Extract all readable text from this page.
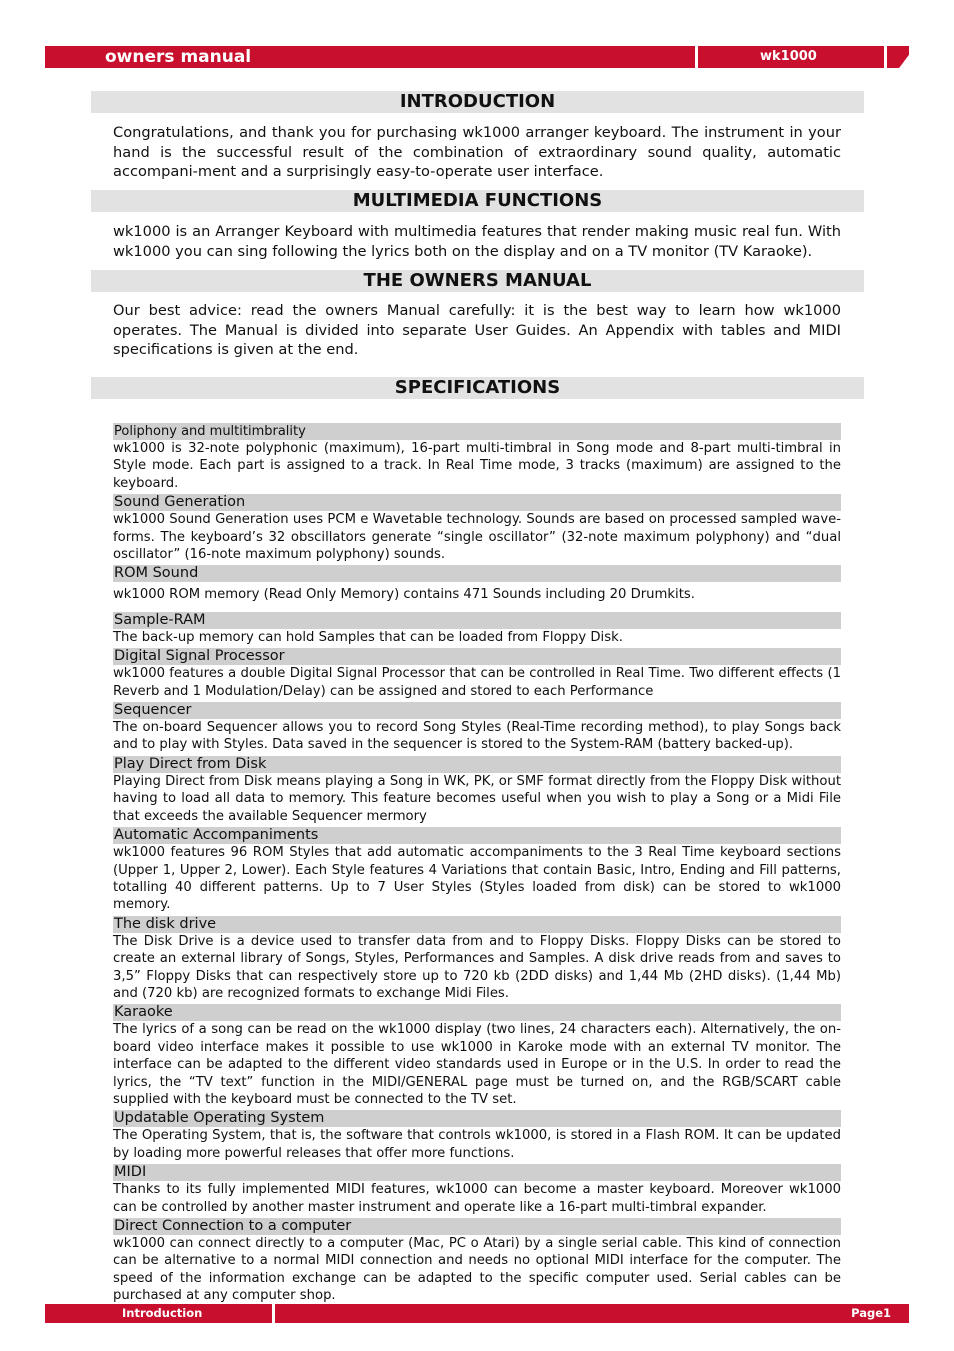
owners manual	wk1000
INTRODUCTION

Congratulations, and thank you for purchasing wk1000 arranger keyboard. The instrument in your hand is the successful result of the combination of extraordinary sound quality, automatic accompani-ment and a surprisingly easy-to-operate user interface.

MULTIMEDIA FUNCTIONS

wk1000 is an Arranger Keyboard with multimedia features that render making music real fun. With wk1000 you can sing following the lyrics both on the display and on a TV monitor (TV Karaoke).

THE OWNERS MANUAL

Our best advice: read the owners Manual carefully: it is the best way to learn how wk1000 operates. The Manual is divided into separate User Guides. An Appendix with tables and MIDI specifications is given at the end.

SPECIFICATIONS
Poliphony and multitimbrality

wk1000 is 32-note polyphonic (maximum), 16-part multi-timbral in Song mode and 8-part multi-timbral in Style mode. Each part is assigned to a track. In Real Time mode, 3 tracks (maximum) are assigned to the keyboard.

Sound Generation

wk1000 Sound Generation uses PCM e Wavetable technology. Sounds are based on processed sampled wave-forms. The keyboard’s 32 obscillators generate “single oscillator” (32-note maximum polyphony) and “dual oscillator” (16-note maximum polyphony) sounds.

ROM Sound

wk1000 ROM memory (Read Only Memory) contains 471 Sounds including 20 Drumkits.

Sample-RAM

The back-up memory can hold Samples that can be loaded from Floppy Disk.

Digital Signal Processor

wk1000 features a double Digital Signal Processor that can be controlled in Real Time. Two different effects (1 Reverb and 1 Modulation/Delay) can be assigned and stored to each Performance

Sequencer

The on-board Sequencer allows you to record Song Styles (Real-Time recording method), to play Songs back and to play with Styles. Data saved in the sequencer is stored to the System-RAM (battery backed-up).

Play Direct from Disk

Playing Direct from Disk means playing a Song in WK, PK, or SMF format directly from the Floppy Disk without having to load all data to memory. This feature becomes useful when you wish to play a Song or a Midi File that exceeds the available Sequencer mermory

Automatic Accompaniments

wk1000 features 96 ROM Styles that add automatic accompaniments to the 3 Real Time keyboard sections (Upper 1, Upper 2, Lower). Each Style features 4 Variations that contain Basic, Intro, Ending and Fill patterns, totalling 40 different patterns. Up to 7 User Styles (Styles loaded from disk) can be stored to wk1000 memory.

The disk drive

The Disk Drive is a device used to transfer data from and to Floppy Disks. Floppy Disks can be stored to create an external library of Songs, Styles, Performances and Samples. A disk drive reads from and saves to 3,5” Floppy Disks that can respectively store up to 720 kb (2DD disks) and 1,44 Mb (2HD disks). (1,44 Mb) and (720 kb) are recognized formats to exchange Midi Files.

Karaoke

The lyrics of a song can be read on the wk1000 display (two lines, 24 characters each). Alternatively, the on-board video interface makes it possible to use wk1000 in Karoke mode with an external TV monitor. The interface can be adapted to the different video standards used in Europe or in the U.S. In order to read the lyrics, the “TV text” function in the MIDI/GENERAL page must be turned on, and the RGB/SCART cable supplied with the keyboard must be connected to the TV set.

Updatable Operating System

The Operating System, that is, the software that controls wk1000, is stored in a Flash ROM. It can be updated by loading more powerful releases that offer more functions.

MIDI

Thanks to its fully implemented MIDI features, wk1000 can become a master keyboard. Moreover wk1000 can be controlled by another master instrument and operate like a 16-part multi-timbral expander.

Direct Connection to a computer

wk1000 can connect directly to a computer (Mac, PC o Atari) by a single serial cable. This kind of connection can be alternative to a normal MIDI connection and needs no optional MIDI interface for the computer. The speed of the information exchange can be adapted to the specific computer used. Serial cables can be purchased at any computer shop.

Introduction	Page1
